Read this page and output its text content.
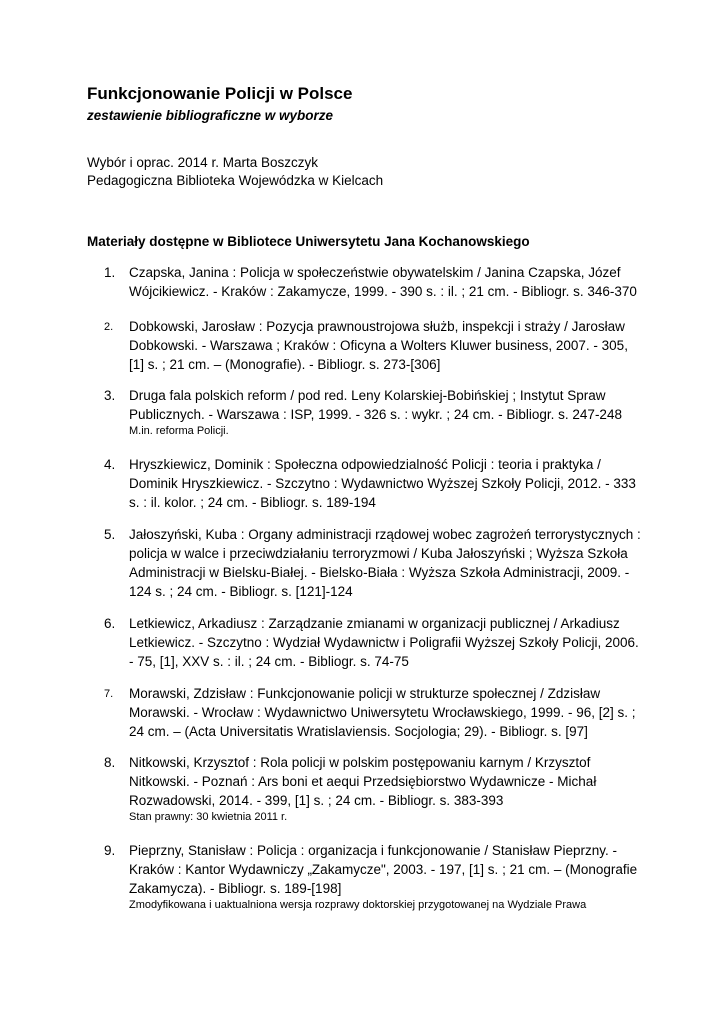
Funkcjonowanie Policji w Polsce
zestawienie bibliograficzne w wyborze
Wybór i oprac. 2014 r. Marta Boszczyk
Pedagogiczna Biblioteka Wojewódzka w Kielcach
Materiały dostępne w Bibliotece Uniwersytetu Jana Kochanowskiego
1. Czapska, Janina : Policja w społeczeństwie obywatelskim / Janina Czapska, Józef Wójcikiewicz. - Kraków : Zakamycze, 1999. - 390 s. : il. ; 21 cm. - Bibliogr. s. 346-370
2. Dobkowski, Jarosław : Pozycja prawnoustrojowa służb, inspekcji i straży / Jarosław Dobkowski. - Warszawa ; Kraków : Oficyna a Wolters Kluwer business, 2007. - 305, [1] s. ; 21 cm. – (Monografie). - Bibliogr. s. 273-[306]
3. Druga fala polskich reform / pod red. Leny Kolarskiej-Bobińskiej ; Instytut Spraw Publicznych. - Warszawa : ISP, 1999. - 326 s. : wykr. ; 24 cm. - Bibliogr. s. 247-248
M.in. reforma Policji.
4. Hryszkiewicz, Dominik : Społeczna odpowiedzialność Policji : teoria i praktyka / Dominik Hryszkiewicz. - Szczytno : Wydawnictwo Wyższej Szkoły Policji, 2012. - 333 s. : il. kolor. ; 24 cm. - Bibliogr. s. 189-194
5. Jałoszyński, Kuba : Organy administracji rządowej wobec zagrożeń terrorystycznych : policja w walce i przeciwdziałaniu terroryzmowi / Kuba Jałoszyński ; Wyższa Szkoła Administracji w Bielsku-Białej. - Bielsko-Biała : Wyższa Szkoła Administracji, 2009. - 124 s. ; 24 cm. - Bibliogr. s. [121]-124
6. Letkiewicz, Arkadiusz : Zarządzanie zmianami w organizacji publicznej / Arkadiusz Letkiewicz. - Szczytno : Wydział Wydawnictw i Poligrafii Wyższej Szkoły Policji, 2006. - 75, [1], XXV s. : il. ; 24 cm. - Bibliogr. s. 74-75
7. Morawski, Zdzisław : Funkcjonowanie policji w strukturze społecznej / Zdzisław Morawski. - Wrocław : Wydawnictwo Uniwersytetu Wrocławskiego, 1999. - 96, [2] s. ; 24 cm. – (Acta Universitatis Wratislaviensis. Socjologia; 29). - Bibliogr. s. [97]
8. Nitkowski, Krzysztof : Rola policji w polskim postępowaniu karnym / Krzysztof Nitkowski. - Poznań : Ars boni et aequi Przedsiębiorstwo Wydawnicze - Michał Rozwadowski, 2014. - 399, [1] s. ; 24 cm. - Bibliogr. s. 383-393
Stan prawny: 30 kwietnia 2011 r.
9. Pieprzny, Stanisław : Policja : organizacja i funkcjonowanie / Stanisław Pieprzny. - Kraków : Kantor Wydawniczy „Zakamycze", 2003. - 197, [1] s. ; 21 cm. – (Monografie Zakamycza). - Bibliogr. s. 189-[198]
Zmodyfikowana i uaktualniona wersja rozprawy doktorskiej przygotowanej na Wydziale Prawa
